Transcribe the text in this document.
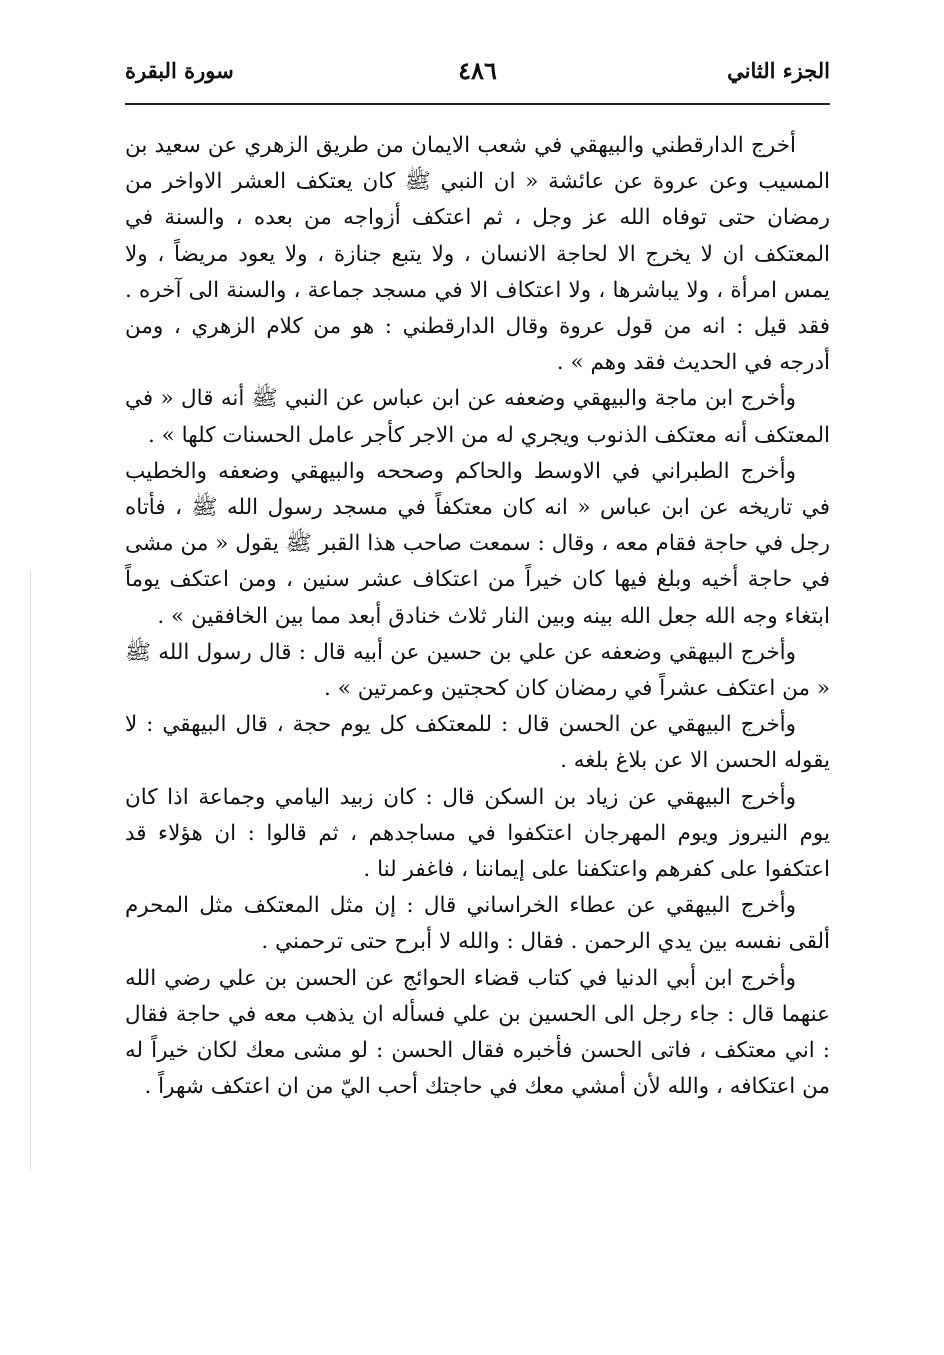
الجزء الثاني
٤٨٦
سورة البقرة

أخرج الدارقطني والبيهقي في شعب الايمان من طريق الزهري عن سعيد بن المسيب وعن عروة عن عائشة « ان النبي ﷺ كان يعتكف العشر الاواخر من رمضان حتى توفاه الله عز وجل ، ثم اعتكف أزواجه من بعده ، والسنة في المعتكف ان لا يخرج الا لحاجة الانسان ، ولا يتبع جنازة ، ولا يعود مريضاً ، ولا يمس امرأة ، ولا يباشرها ، ولا اعتكاف الا في مسجد جماعة ، والسنة الى آخره . فقد قيل : انه من قول عروة وقال الدارقطني : هو من كلام الزهري ، ومن أدرجه في الحديث فقد وهم » .

وأخرج ابن ماجة والبيهقي وضعفه عن ابن عباس عن النبي ﷺ أنه قال « في المعتكف أنه معتكف الذنوب ويجري له من الاجر كأجر عامل الحسنات كلها » .

وأخرج الطبراني في الاوسط والحاكم وصححه والبيهقي وضعفه والخطيب في تاريخه عن ابن عباس « انه كان معتكفاً في مسجد رسول الله ﷺ ، فأتاه رجل في حاجة فقام معه ، وقال : سمعت صاحب هذا القبر ﷺ يقول « من مشى في حاجة أخيه وبلغ فيها كان خيراً من اعتكاف عشر سنين ، ومن اعتكف يوماً ابتغاء وجه الله جعل الله بينه وبين النار ثلاث خنادق أبعد مما بين الخافقين » .

وأخرج البيهقي وضعفه عن علي بن حسين عن أبيه قال : قال رسول الله ﷺ « من اعتكف عشراً في رمضان كان كحجتين وعمرتين » .

وأخرج البيهقي عن الحسن قال : للمعتكف كل يوم حجة ، قال البيهقي : لا يقوله الحسن الا عن بلاغ بلغه .

وأخرج البيهقي عن زياد بن السكن قال : كان زبيد اليامي وجماعة اذا كان يوم النيروز ويوم المهرجان اعتكفوا في مساجدهم ، ثم قالوا : ان هؤلاء قد اعتكفوا على كفرهم واعتكفنا على إيماننا ، فاغفر لنا .

وأخرج البيهقي عن عطاء الخراساني قال : إن مثل المعتكف مثل المحرم ألقى نفسه بين يدي الرحمن . فقال : والله لا أبرح حتى ترحمني .

وأخرج ابن أبي الدنيا في كتاب قضاء الحوائج عن الحسن بن علي رضي الله عنهما قال : جاء رجل الى الحسين بن علي فسأله ان يذهب معه في حاجة فقال : اني معتكف ، فاتى الحسن فأخبره فقال الحسن : لو مشى معك لكان خيراً له من اعتكافه ، والله لأن أمشي معك في حاجتك أحب اليّ من ان اعتكف شهراً .
